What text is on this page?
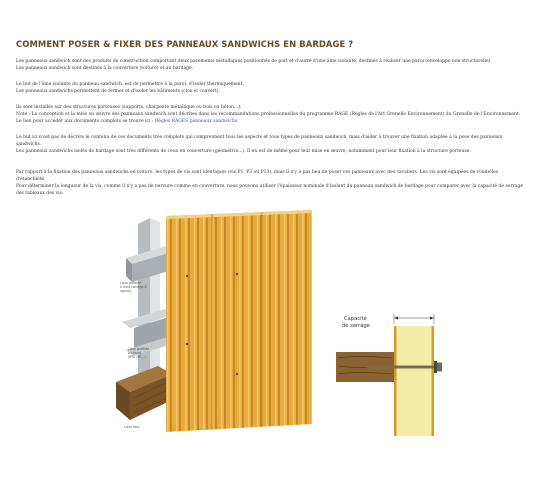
COMMENT POSER & FIXER DES PANNEAUX SANDWICHS EN BARDAGE ?

Les panneaux sandwich sont des produits de construction comportant deux parements métalliques positionnés de part et d'autre d'une âme isolante, destinés à réaliser une paroi (enveloppe non structurelle).

Les panneaux sandwich sont destinés à la couverture (toiture) et au bardage.

Le but de l'âme isolante du panneau sandwich, est de permettre à la paroi, d'isoler thermiquement.

Les panneaux sandwichs permettent de fermer et d'isoler les bâtiments (clos et couvert).

Ils sont installés sur des structures porteuses (supports, charpente métallique ou bois ou béton...).

Note : La conception et la mise en œuvre des panneaux sandwich sont décrites dans les recommandations professionnelles du programme RAGE (Règles de l'Art Grenelle Environnement) du Grenelle de l'Environnement. Le lien pour accéder aux documents complets se trouve ici : Règles RAGES panneaux sandwichs.

Le but ici n'est pas de décrire le contenu de ces documents très complets qui comprennent tous les aspects et tous types de panneaux sandwich, mais d'aider à trouver une fixation adaptée à la pose des panneaux sandwichs.

Les panneaux sandwichs isolés de bardage sont très différents de ceux en couverture (géométrie...). Il en est de même pour leur mise en œuvre, notamment pour leur fixation à la structure porteuse.

Par rapport à la fixation des panneaux sandwichs en toiture, les types de vis sont identiques (vis P1, P3 ou P13), mais il n'y a pas lieu de poser ces panneaux avec des cavaliers. Les vis sont équipées de rondelles d'étanchéité.

Pour déterminer la longueur de la vis, comme il n'y a pas de nervure comme en couverture, nous pouvons utiliser l'épaisseur nominale d'isolant du panneau sandwich de bardage pour comparer avec la capacité de serrage des tableaux des vis.

Lisse profilée
à froid (oméga Z,
sigma)
Lisse profilée
à chaud
(IPN, IPE...)
Lisse bois
Capacité
de serrage
